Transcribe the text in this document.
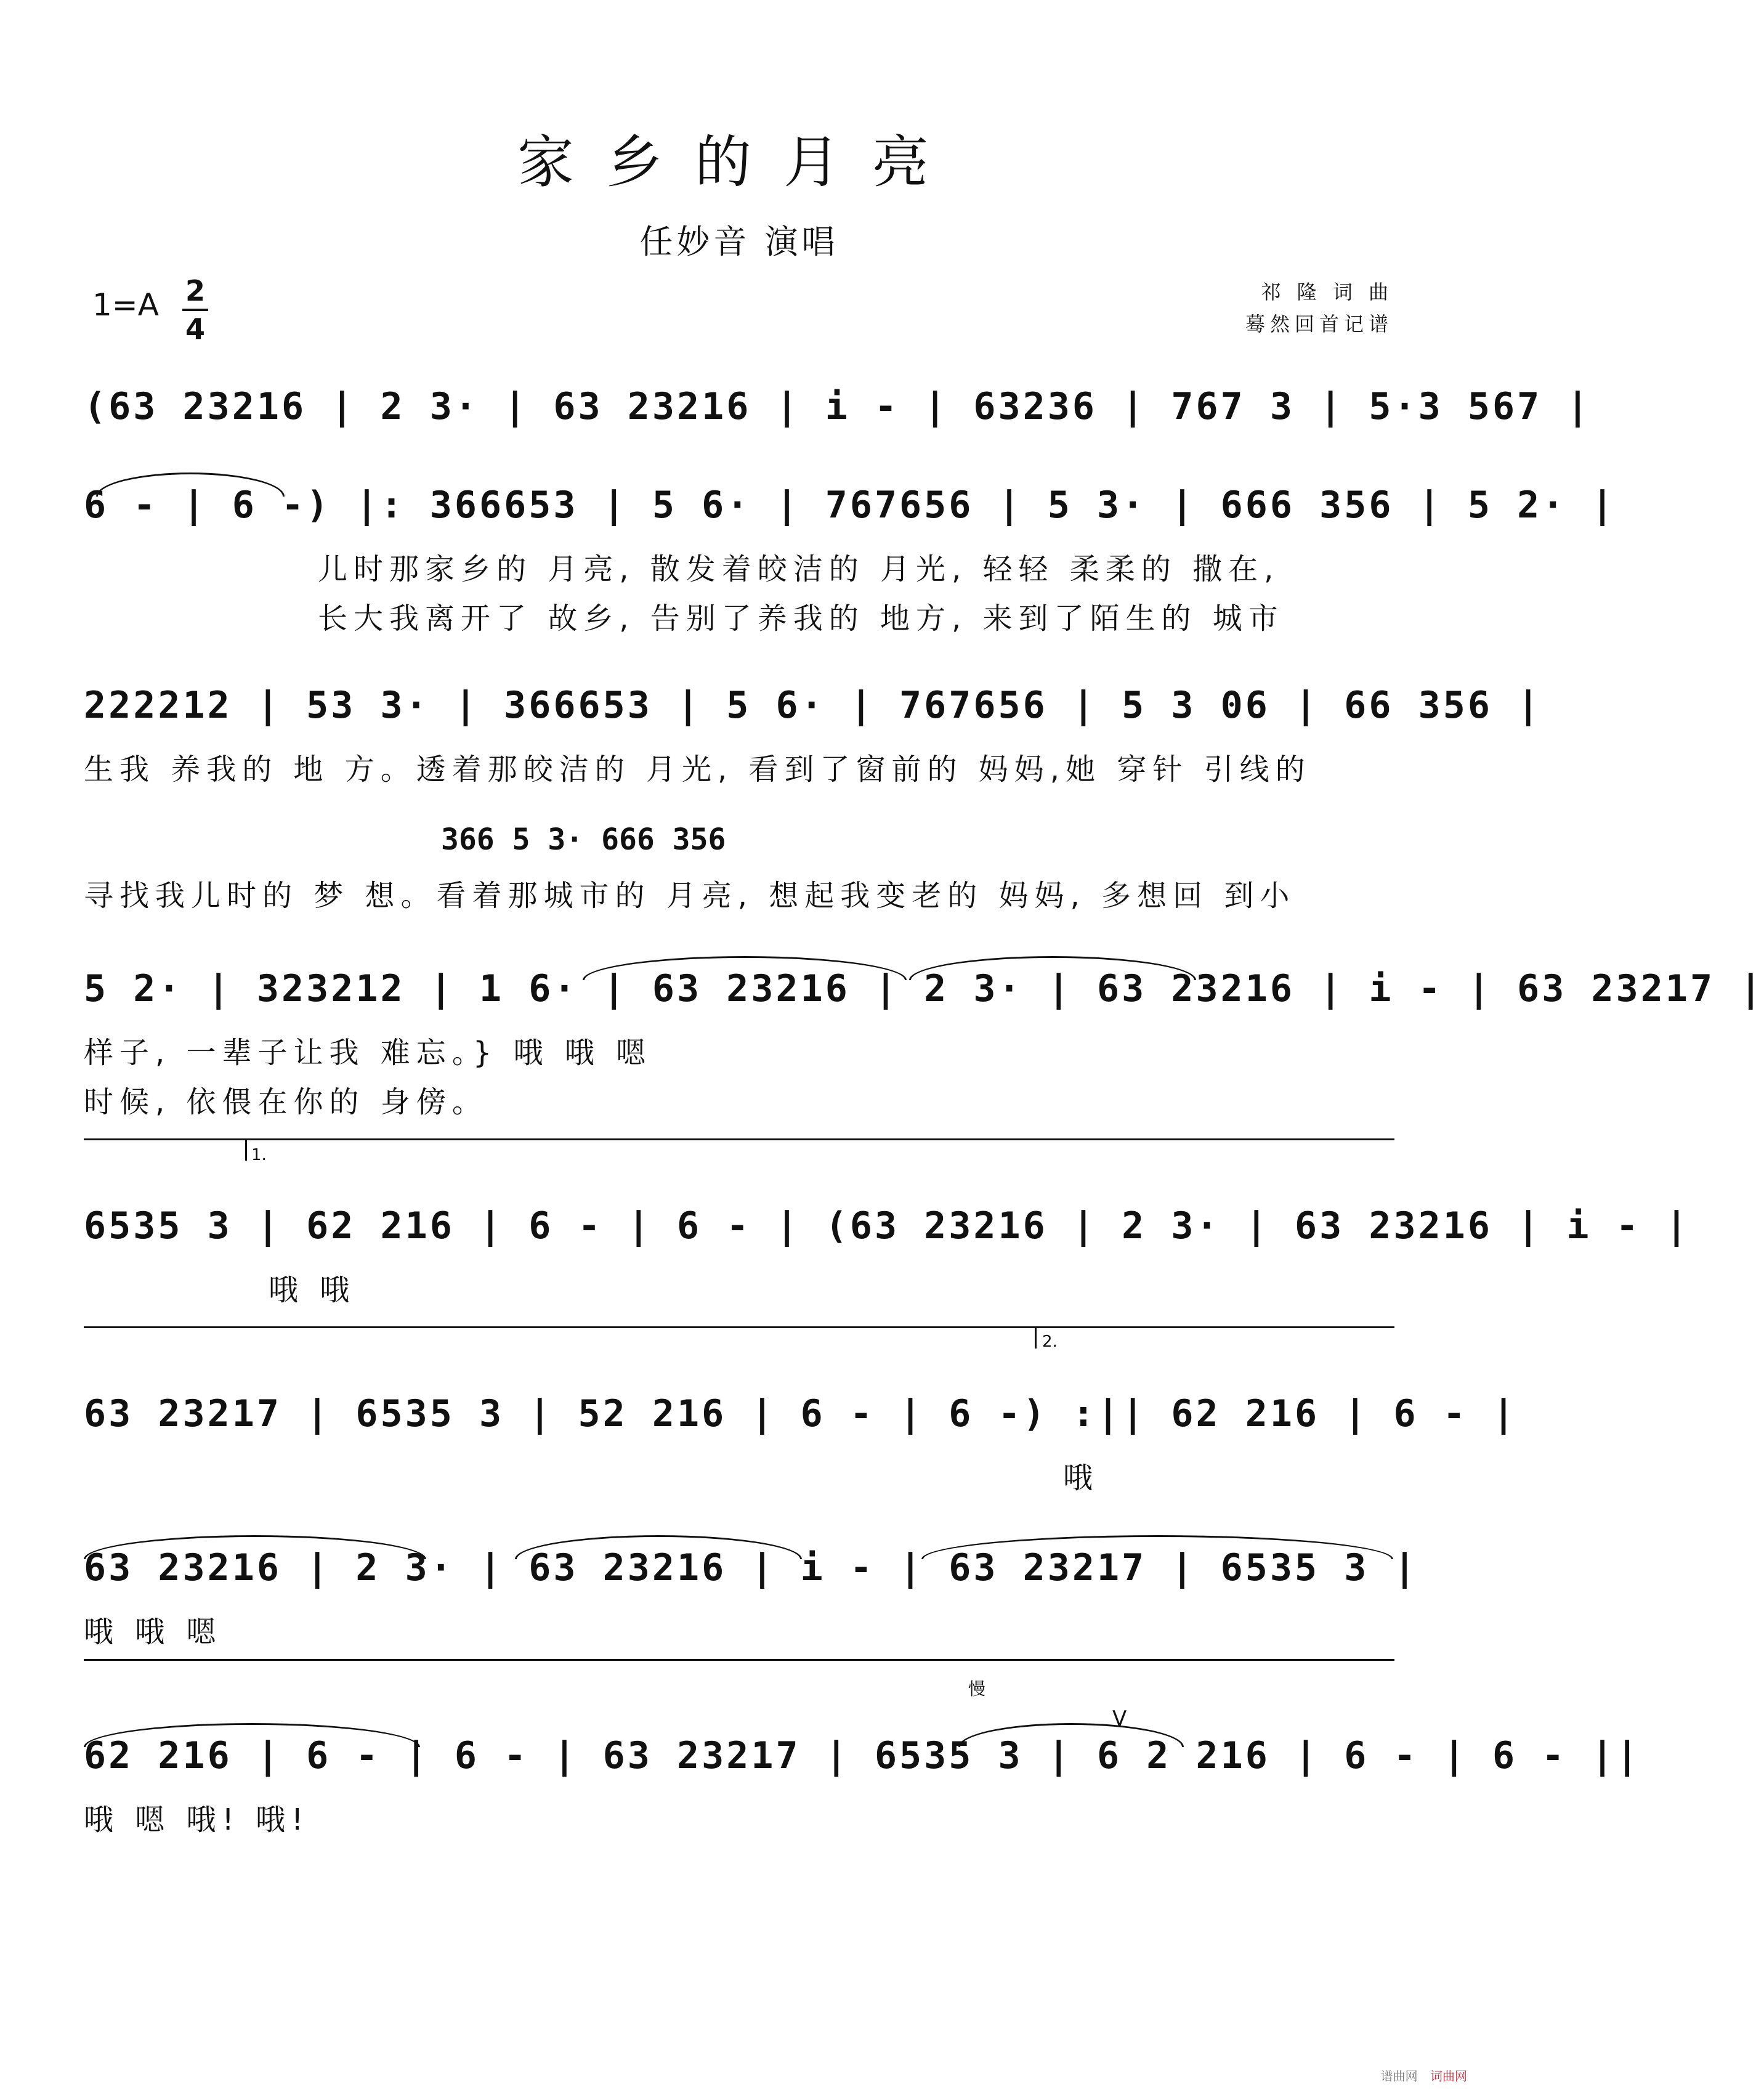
家乡的月亮
任妙音 演唱
1=A 2
4
祁 隆 词 曲
蓦然回首记谱
(63 23216 | 2 3· | 63 23216 | i - | 63236 | 767 3 | 5·3 567 |
6 - | 6 -) |: 366653 | 5 6· | 767656 | 5 3· | 666 356 | 5 2· |
儿时那家乡的 月亮, 散发着皎洁的 月光, 轻轻 柔柔的 撒在,
长大我离开了 故乡, 告别了养我的 地方, 来到了陌生的 城市
222212 | 53 3· | 366653 | 5 6· | 767656 | 5 3 06 | 66 356 |
生我 养我的 地 方。透着那皎洁的 月光, 看到了窗前的 妈妈,她 穿针 引线的
366 5 3· 666 356
寻找我儿时的 梦 想。看着那城市的 月亮, 想起我变老的 妈妈, 多想回 到小
5 2· | 323212 | 1 6· | 63 23216 | 2 3· | 63 23216 | i - | 63 23217 |
样子, 一辈子让我 难忘。} 哦 哦 嗯
时候, 依偎在你的 身傍。
1.
6535 3 | 62 216 | 6 - | 6 - | (63 23216 | 2 3· | 63 23216 | i - |
哦 哦
2.
63 23217 | 6535 3 | 52 216 | 6 - | 6 -) :|| 62 216 | 6 - |
哦
63 23216 | 2 3· | 63 23216 | i - | 63 23217 | 6535 3 |
哦 哦 嗯
慢
V
62 216 | 6 - | 6 - | 63 23217 | 6535 3 | 6 2 216 | 6 - | 6 - ||
哦 嗯 哦! 哦!
谱曲网 词曲网
